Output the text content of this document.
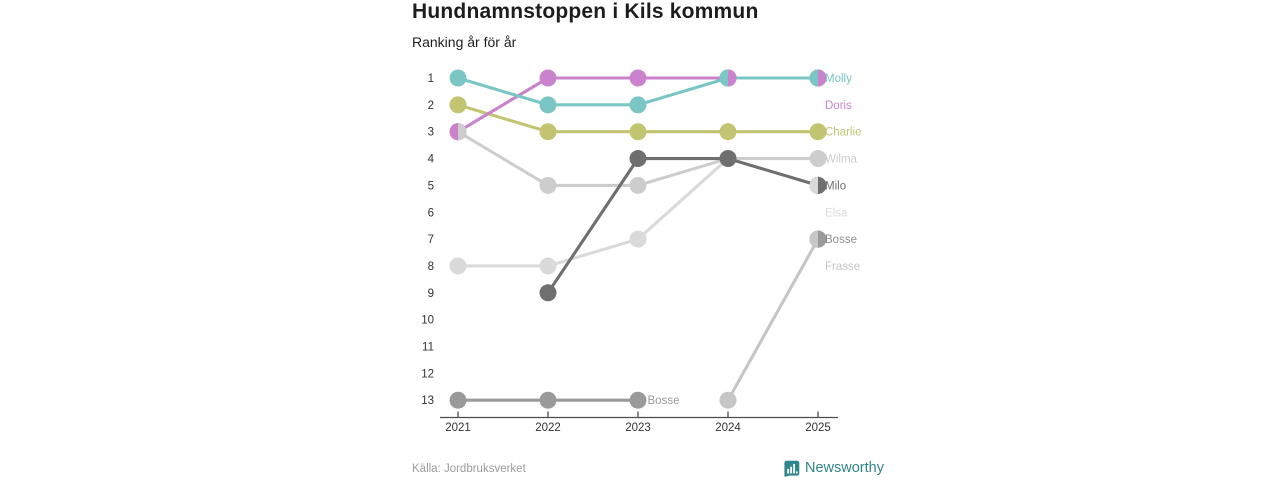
Hundnamnstoppen i Kils kommun

Ranking år för år

1
2
3
4
5
6
7
8
9
10
11
12
13
2021	2022	2023	2024	2025
Bosse
Molly
Doris
Charlie
Wilma
Milo
Elsa
Bosse
Frasse
Källa: Jordbruksverket	Newsworthy
